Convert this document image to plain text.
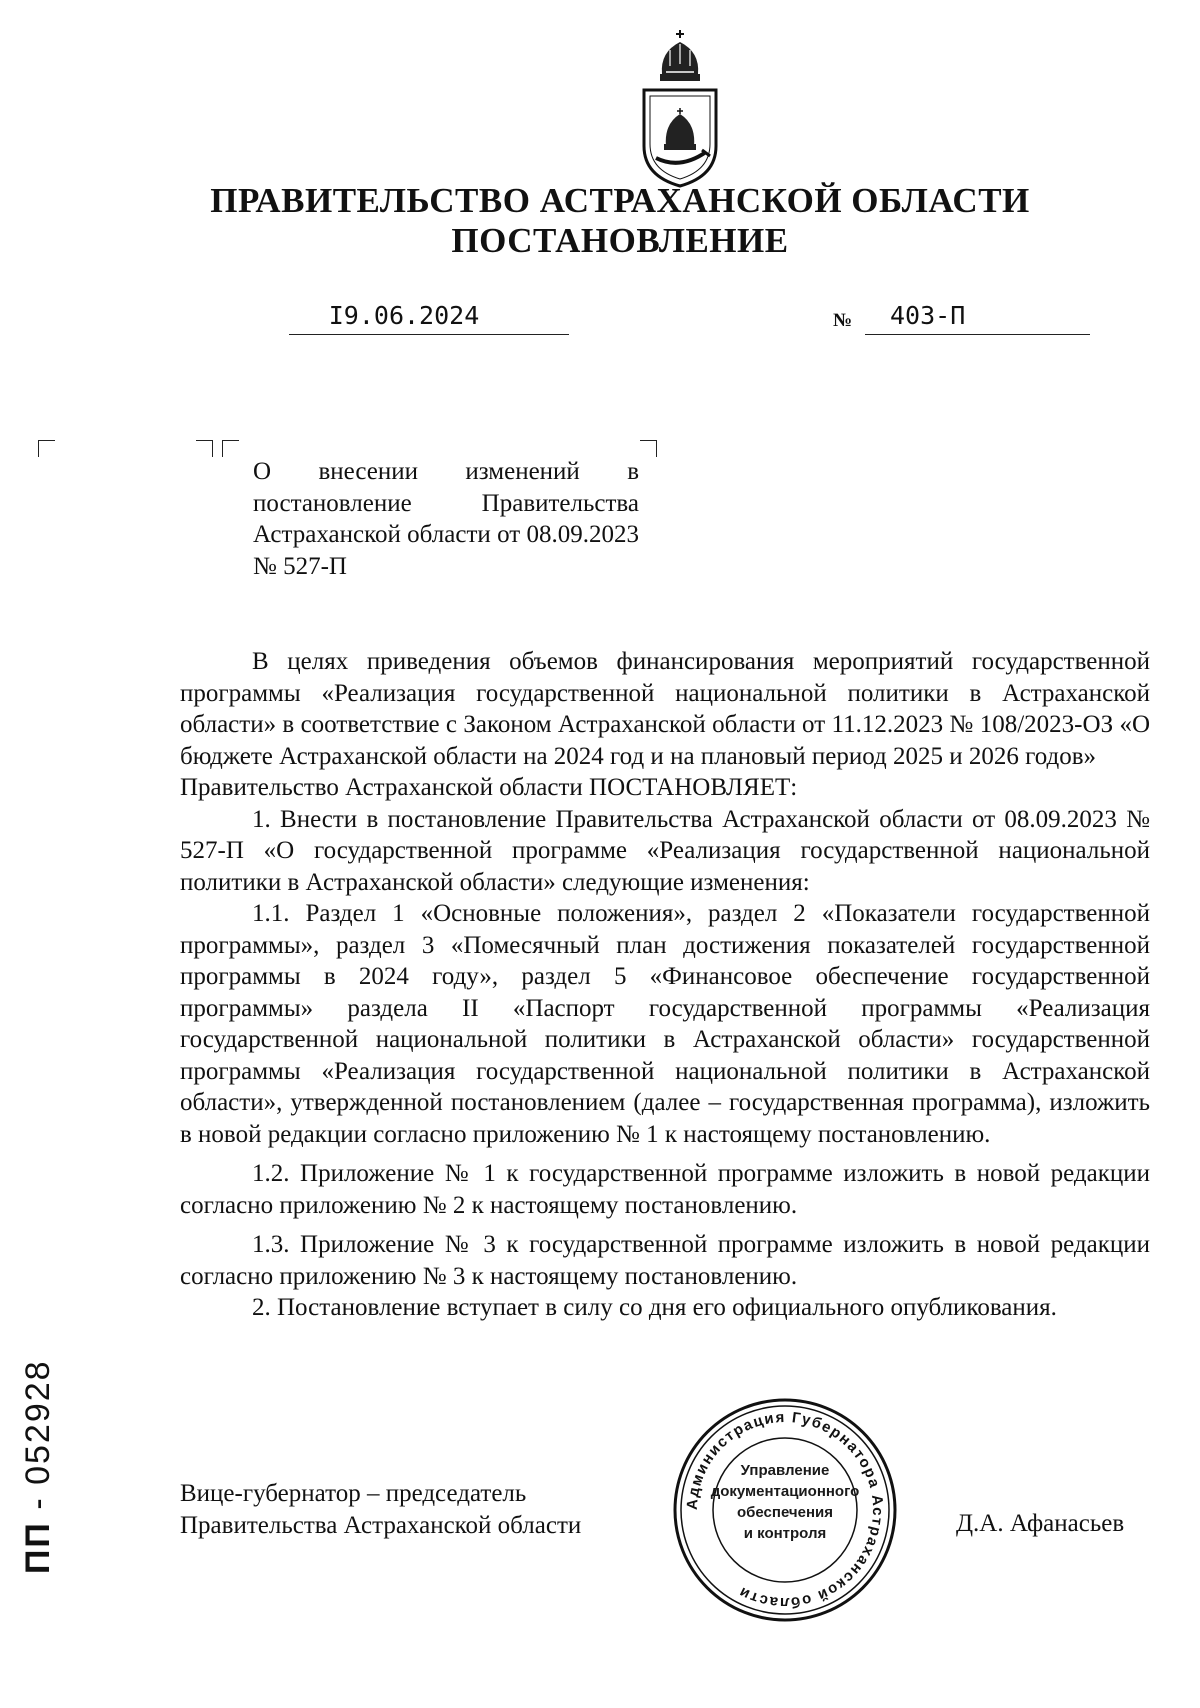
ПРАВИТЕЛЬСТВО АСТРАХАНСКОЙ ОБЛАСТИ
ПОСТАНОВЛЕНИЕ
I9.06.2024	№ 403-П
О внесении изменений в постановление Правительства Астраханской области от 08.09.2023 № 527-П

В целях приведения объемов финансирования мероприятий государственной программы «Реализация государственной национальной политики в Астраханской области» в соответствие с Законом Астраханской области от 11.12.2023 № 108/2023-ОЗ «О бюджете Астраханской области на 2024 год и на плановый период 2025 и 2026 годов»

Правительство Астраханской области ПОСТАНОВЛЯЕТ:

1. Внести в постановление Правительства Астраханской области от 08.09.2023 № 527-П «О государственной программе «Реализация государственной национальной политики в Астраханской области» следующие изменения:

1.1. Раздел 1 «Основные положения», раздел 2 «Показатели государственной программы», раздел 3 «Помесячный план достижения показателей государственной программы в 2024 году», раздел 5 «Финансовое обеспечение государственной программы» раздела II «Паспорт государственной программы «Реализация государственной национальной политики в Астраханской области» государственной программы «Реализация государственной национальной политики в Астраханской области», утвержденной постановлением (далее – государственная программа), изложить в новой редакции согласно приложению № 1 к настоящему постановлению.

1.2. Приложение № 1 к государственной программе изложить в новой редакции согласно приложению № 2 к настоящему постановлению.

1.3. Приложение № 3 к государственной программе изложить в новой редакции согласно приложению № 3 к настоящему постановлению.

2. Постановление вступает в силу со дня его официального опубликования.

Вице-губернатор – председатель
Правительства Астраханской области
Администрация Губернатора Астраханской области
Управление
документационного
обеспечения
и контроля	Д.А. Афанасьев
ПП - 052928
